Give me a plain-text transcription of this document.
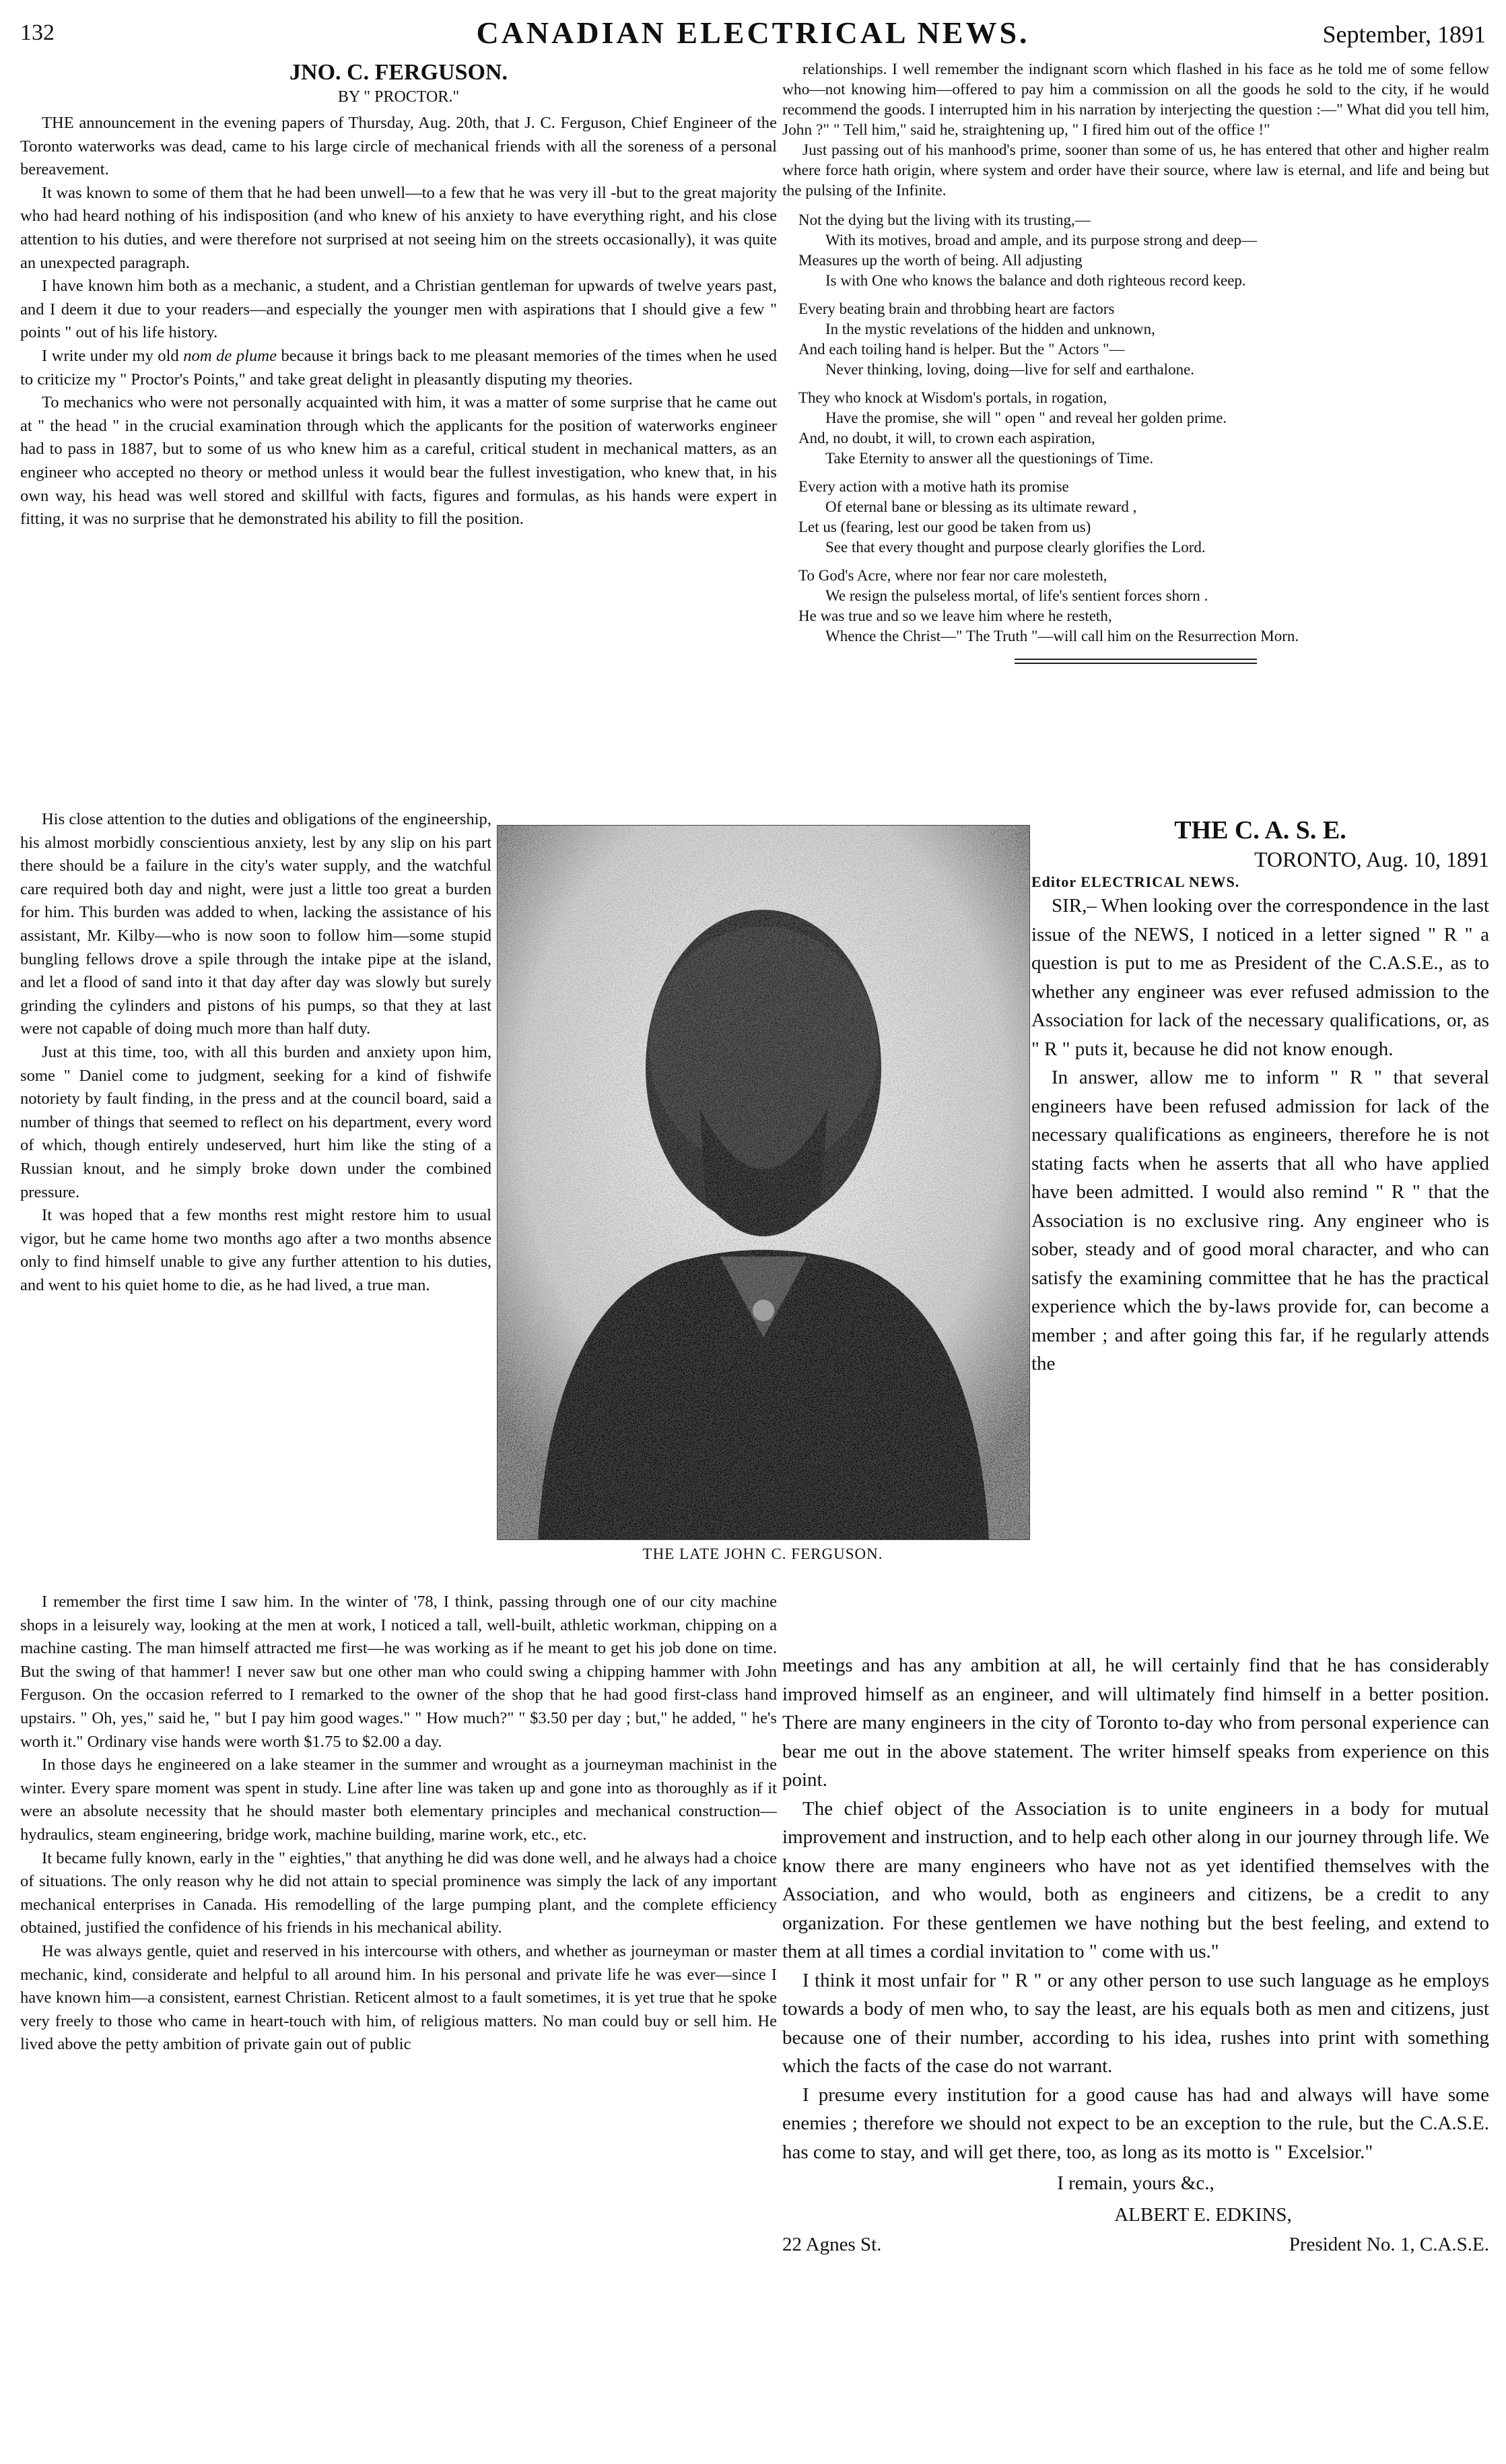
132	CANADIAN ELECTRICAL NEWS.	September, 1891
JNO. C. FERGUSON.
BY " PROCTOR."

THE announcement in the evening papers of Thursday, Aug. 20th, that J. C. Ferguson, Chief Engineer of the Toronto waterworks was dead, came to his large circle of mechanical friends with all the soreness of a personal bereavement.

It was known to some of them that he had been unwell—to a few that he was very ill -but to the great majority who had heard nothing of his indisposition (and who knew of his anxiety to have everything right, and his close attention to his duties, and were therefore not surprised at not seeing him on the streets occasionally), it was quite an unexpected paragraph.

I have known him both as a mechanic, a student, and a Christian gentleman for upwards of twelve years past, and I deem it due to your readers—and especially the younger men with aspirations that I should give a few " points " out of his life history.

I write under my old nom de plume because it brings back to me pleasant memories of the times when he used to criticize my " Proctor's Points," and take great delight in pleasantly disputing my theories.

To mechanics who were not personally acquainted with him, it was a matter of some surprise that he came out at " the head " in the crucial examination through which the applicants for the position of waterworks engineer had to pass in 1887, but to some of us who knew him as a careful, critical student in mechanical matters, as an engineer who accepted no theory or method unless it would bear the fullest investigation, who knew that, in his own way, his head was well stored and skillful with facts, figures and formulas, as his hands were expert in fitting, it was no surprise that he demonstrated his ability to fill the position.

His close attention to the duties and obligations of the engineership, his almost morbidly conscientious anxiety, lest by any slip on his part there should be a failure in the city's water supply, and the watchful care required both day and night, were just a little too great a burden for him. This burden was added to when, lacking the assistance of his assistant, Mr. Kilby—who is now soon to follow him—some stupid bungling fellows drove a spile through the intake pipe at the island, and let a flood of sand into it that day after day was slowly but surely grinding the cylinders and pistons of his pumps, so that they at last were not capable of doing much more than half duty.

Just at this time, too, with all this burden and anxiety upon him, some " Daniel come to judgment, seeking for a kind of fishwife notoriety by fault finding, in the press and at the council board, said a number of things that seemed to reflect on his department, every word of which, though entirely undeserved, hurt him like the sting of a Russian knout, and he simply broke down under the combined pressure.

It was hoped that a few months rest might restore him to usual vigor, but he came home two months ago after a two months absence only to find himself unable to give any further attention to his duties, and went to his quiet home to die, as he had lived, a true man.

I remember the first time I saw him. In the winter of '78, I think, passing through one of our city machine shops in a leisurely way, looking at the men at work, I noticed a tall, well-built, athletic workman, chipping on a machine casting. The man himself attracted me first—he was working as if he meant to get his job done on time. But the swing of that hammer! I never saw but one other man who could swing a chipping hammer with John Ferguson. On the occasion referred to I remarked to the owner of the shop that he had good first-class hand upstairs. " Oh, yes," said he, " but I pay him good wages." " How much?" " $3.50 per day ; but," he added, " he's worth it." Ordinary vise hands were worth $1.75 to $2.00 a day.

In those days he engineered on a lake steamer in the summer and wrought as a journeyman machinist in the winter. Every spare moment was spent in study. Line after line was taken up and gone into as thoroughly as if it were an absolute necessity that he should master both elementary principles and mechanical construction—hydraulics, steam engineering, bridge work, machine building, marine work, etc., etc.

It became fully known, early in the " eighties," that anything he did was done well, and he always had a choice of situations. The only reason why he did not attain to special prominence was simply the lack of any important mechanical enterprises in Canada. His remodelling of the large pumping plant, and the complete efficiency obtained, justified the confidence of his friends in his mechanical ability.

He was always gentle, quiet and reserved in his intercourse with others, and whether as journeyman or master mechanic, kind, considerate and helpful to all around him. In his personal and private life he was ever—since I have known him—a consistent, earnest Christian. Reticent almost to a fault sometimes, it is yet true that he spoke very freely to those who came in heart-touch with him, of religious matters. No man could buy or sell him. He lived above the petty ambition of private gain out of public

THE LATE JOHN C. FERGUSON.

relationships. I well remember the indignant scorn which flashed in his face as he told me of some fellow who—not knowing him—offered to pay him a commission on all the goods he sold to the city, if he would recommend the goods. I interrupted him in his narration by interjecting the question :—" What did you tell him, John ?" " Tell him," said he, straightening up, " I fired him out of the office !"

Just passing out of his manhood's prime, sooner than some of us, he has entered that other and higher realm where force hath origin, where system and order have their source, where law is eternal, and life and being but the pulsing of the Infinite.

Not the dying but the living with its trusting,—
With its motives, broad and ample, and its purpose strong and deep—
Measures up the worth of being. All adjusting
Is with One who knows the balance and doth righteous record keep.
Every beating brain and throbbing heart are factors
In the mystic revelations of the hidden and unknown,
And each toiling hand is helper. But the " Actors "—
Never thinking, loving, doing—live for self and earthalone.
They who knock at Wisdom's portals, in rogation,
Have the promise, she will " open " and reveal her golden prime.
And, no doubt, it will, to crown each aspiration,
Take Eternity to answer all the questionings of Time.
Every action with a motive hath its promise
Of eternal bane or blessing as its ultimate reward ,
Let us (fearing, lest our good be taken from us)
See that every thought and purpose clearly glorifies the Lord.
To God's Acre, where nor fear nor care molesteth,
We resign the pulseless mortal, of life's sentient forces shorn .
He was true and so we leave him where he resteth,
Whence the Christ—" The Truth "—will call him on the Resurrection Morn.
THE C. A. S. E.
TORONTO, Aug. 10, 1891
Editor ELECTRICAL NEWS.

SIR,– When looking over the correspondence in the last issue of the NEWS, I noticed in a letter signed " R " a question is put to me as President of the C.A.S.E., as to whether any engineer was ever refused admission to the Association for lack of the necessary qualifications, or, as " R " puts it, because he did not know enough.

In answer, allow me to inform " R " that several engineers have been refused admission for lack of the necessary qualifications as engineers, therefore he is not stating facts when he asserts that all who have applied have been admitted. I would also remind " R " that the Association is no exclusive ring. Any engineer who is sober, steady and of good moral character, and who can satisfy the examining committee that he has the practical experience which the by-laws provide for, can become a member ; and after going this far, if he regularly attends the

meetings and has any ambition at all, he will certainly find that he has considerably improved himself as an engineer, and will ultimately find himself in a better position. There are many engineers in the city of Toronto to-day who from personal experience can bear me out in the above statement. The writer himself speaks from experience on this point.

The chief object of the Association is to unite engineers in a body for mutual improvement and instruction, and to help each other along in our journey through life. We know there are many engineers who have not as yet identified themselves with the Association, and who would, both as engineers and citizens, be a credit to any organization. For these gentlemen we have nothing but the best feeling, and extend to them at all times a cordial invitation to " come with us."

I think it most unfair for " R " or any other person to use such language as he employs towards a body of men who, to say the least, are his equals both as men and citizens, just because one of their number, according to his idea, rushes into print with something which the facts of the case do not warrant.

I presume every institution for a good cause has had and always will have some enemies ; therefore we should not expect to be an exception to the rule, but the C.A.S.E. has come to stay, and will get there, too, as long as its motto is " Excelsior."

I remain, yours &c.,
ALBERT E. EDKINS,
22 Agnes St.	President No. 1, C.A.S.E.
